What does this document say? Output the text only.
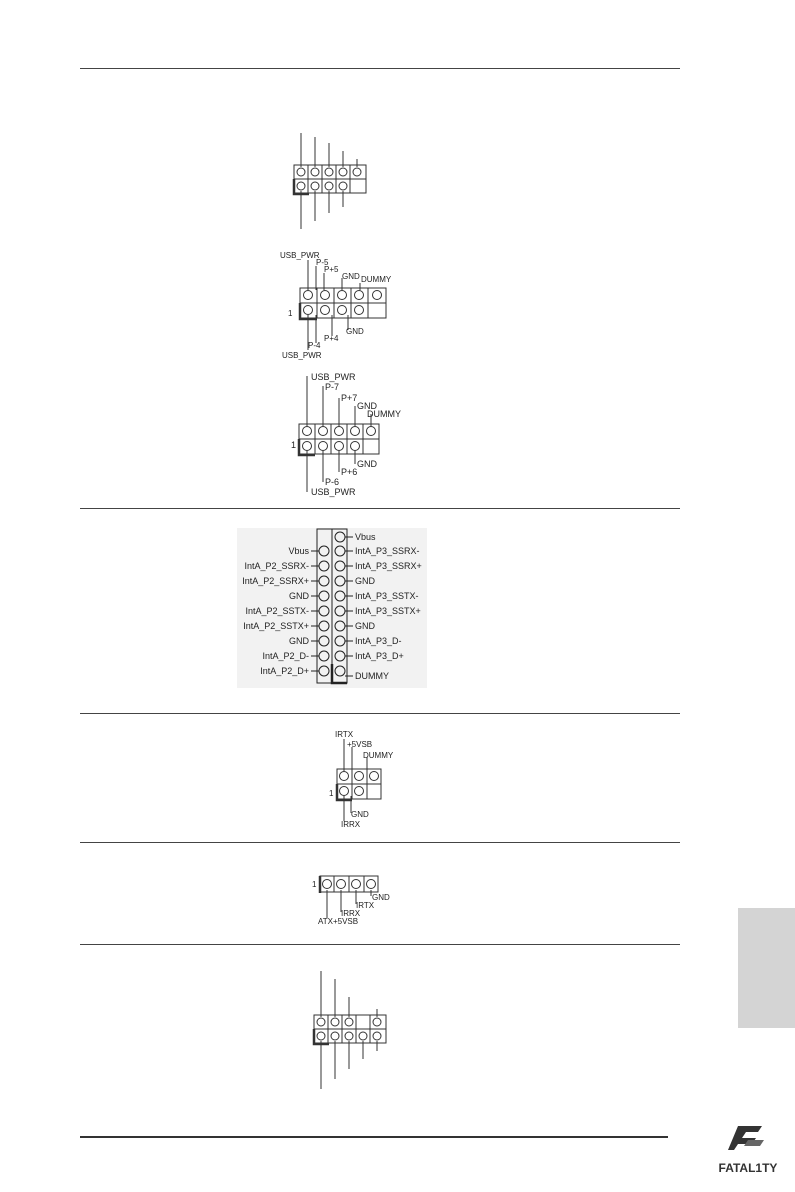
USB_PWR
P-5
P+5
GND DUMMY
1
USB_PWR
P-4
P+4
GND
USB_PWR
P-7
P+7
GND
DUMMY
1
GND
P+6
P-6
USB_PWR
Vbus
IntA_P2_SSRX-
IntA_P2_SSRX+
GND
IntA_P2_SSTX-
IntA_P2_SSTX+
GND
IntA_P2_D-
IntA_P2_D+
Vbus
IntA_P3_SSRX-
IntA_P3_SSRX+
GND
IntA_P3_SSTX-
IntA_P3_SSTX+
GND
IntA_P3_D-
IntA_P3_D+
DUMMY
IRTX
+5VSB
DUMMY
1
GND
IRRX
1
GND
IRTX
IRRX
ATX+5VSB
FATAL1TY
